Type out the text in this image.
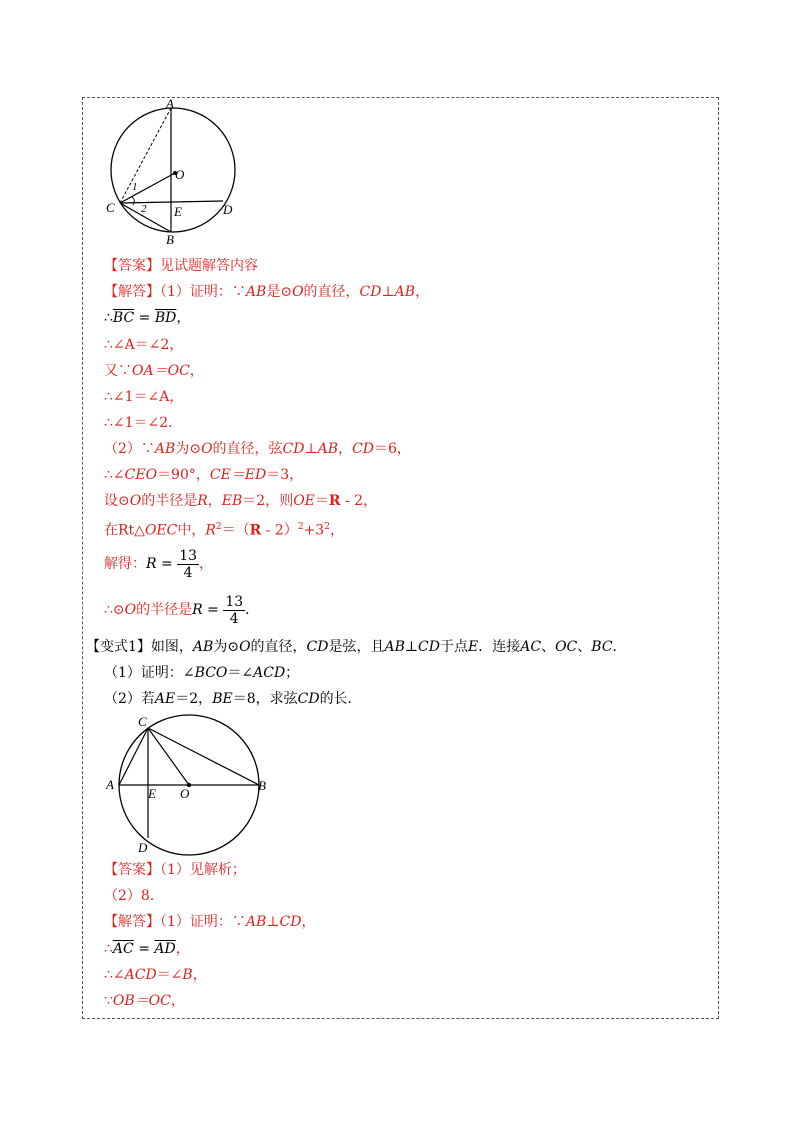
A
O
C	E	D
B
1
2
【答案】见试题解答内容
【解答】（1）证明：∵AB是⊙O的直径，CD⊥AB，
$\therefore\overline{BC} = \overline{BD}$，
∴∠A＝∠2，
又∵OA＝OC，
∴∠1＝∠A，
∴∠1＝∠2．
（2）∵AB为⊙O的直径，弦CD⊥AB，CD＝6，
∴∠CEO＝90°，CE＝ED＝3，
设⊙O的半径是R，EB＝2，则OE＝R - 2，
在Rt△OEC中，$R^2=(R - 2)^2+3^2$，
解得：$R = \frac{13}{4}$ ，
∴⊙O的半径是$R = \frac{13}{4}$ .
【变式1】如图，AB为⊙O的直径，CD是弦，且AB⊥CD于点E．连接AC、OC、BC．
（1）证明：∠BCO＝∠ACD；
（2）若AE＝2，BE＝8，求弦CD的长．
C
A
E O
B
D
【答案】（1）见解析；
（2）8．
【解答】（1）证明：∵AB⊥CD，
$\therefore\overline{AC} = \overline{AD}$，
∴∠ACD＝∠B，
∵OB＝OC，
